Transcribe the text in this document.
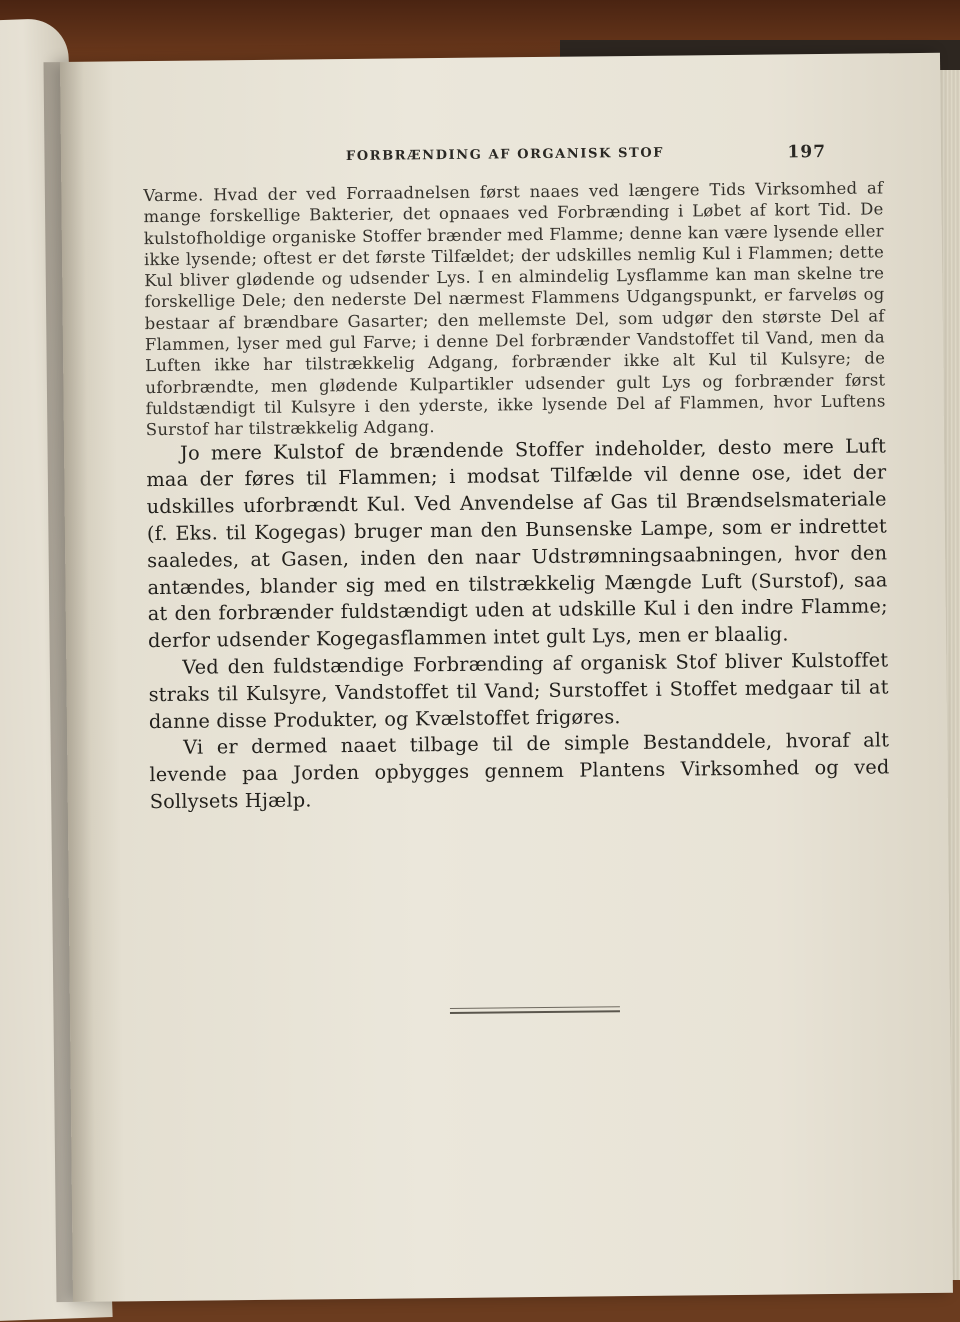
FORBRÆNDING AF ORGANISK STOF	197

Varme. Hvad der ved Forraadnelsen først naaes ved længere Tids Virksomhed af mange forskellige Bakterier, det opnaaes ved Forbrænding i Løbet af kort Tid. De kulstofholdige organiske Stoffer brænder med Flamme; denne kan være lysende eller ikke lysende; oftest er det første Tilfældet; der udskilles nemlig Kul i Flammen; dette Kul bliver glødende og udsender Lys. I en almindelig Lysflamme kan man skelne tre forskellige Dele; den nederste Del nærmest Flammens Udgangspunkt, er farveløs og bestaar af brændbare Gasarter; den mellemste Del, som udgør den største Del af Flammen, lyser med gul Farve; i denne Del forbrænder Vandstoffet til Vand, men da Luften ikke har tilstrækkelig Adgang, forbrænder ikke alt Kul til Kulsyre; de uforbrændte, men glødende Kulpartikler udsender gult Lys og forbrænder først fuldstændigt til Kulsyre i den yderste, ikke lysende Del af Flammen, hvor Luftens Surstof har tilstrækkelig Adgang.

Jo mere Kulstof de brændende Stoffer indeholder, desto mere Luft maa der føres til Flammen; i modsat Tilfælde vil denne ose, idet der udskilles uforbrændt Kul. Ved Anvendelse af Gas til Brændselsmateriale (f. Eks. til Kogegas) bruger man den Bunsenske Lampe, som er indrettet saaledes, at Gasen, inden den naar Udstrømningsaabningen, hvor den antændes, blander sig med en tilstrækkelig Mængde Luft (Surstof), saa at den forbrænder fuldstændigt uden at udskille Kul i den indre Flamme; derfor udsender Kogegasflammen intet gult Lys, men er blaalig.

Ved den fuldstændige Forbrænding af organisk Stof bliver Kulstoffet straks til Kulsyre, Vandstoffet til Vand; Surstoffet i Stoffet medgaar til at danne disse Produkter, og Kvælstoffet frigøres.

Vi er dermed naaet tilbage til de simple Bestanddele, hvoraf alt levende paa Jorden opbygges gennem Plantens Virksomhed og ved Sollysets Hjælp.
